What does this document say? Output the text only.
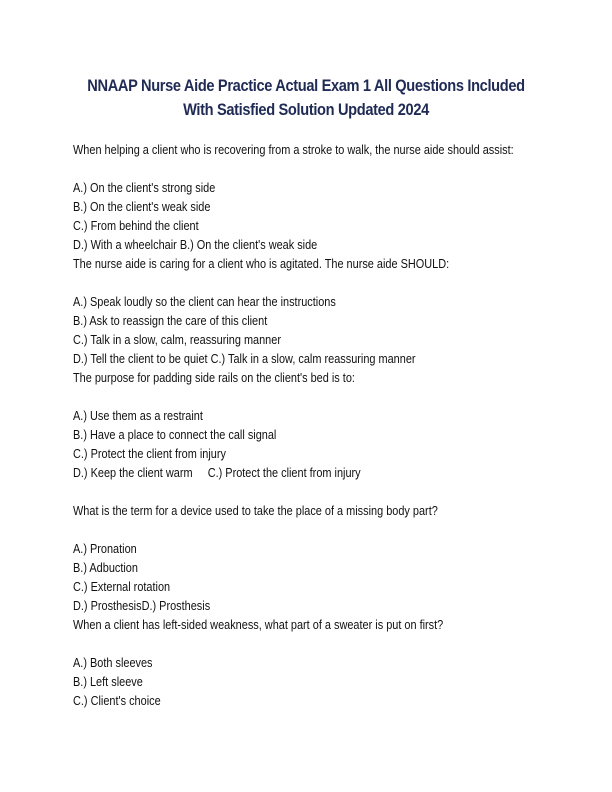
NNAAP Nurse Aide Practice Actual Exam 1 All Questions Included
With Satisfied Solution Updated 2024
When helping a client who is recovering from a stroke to walk, the nurse aide should assist:
A.) On the client's strong side
B.) On the client's weak side
C.) From behind the client
D.) With a wheelchair B.) On the client's weak side
The nurse aide is caring for a client who is agitated. The nurse aide SHOULD:
A.) Speak loudly so the client can hear the instructions
B.) Ask to reassign the care of this client
C.) Talk in a slow, calm, reassuring manner
D.) Tell the client to be quiet C.) Talk in a slow, calm reassuring manner
The purpose for padding side rails on the client's bed is to:
A.) Use them as a restraint
B.) Have a place to connect the call signal
C.) Protect the client from injury
D.) Keep the client warm C.) Protect the client from injury
What is the term for a device used to take the place of a missing body part?
A.) Pronation
B.) Adbuction
C.) External rotation
D.) ProsthesisD.) Prosthesis
When a client has left-sided weakness, what part of a sweater is put on first?
A.) Both sleeves
B.) Left sleeve
C.) Client's choice
